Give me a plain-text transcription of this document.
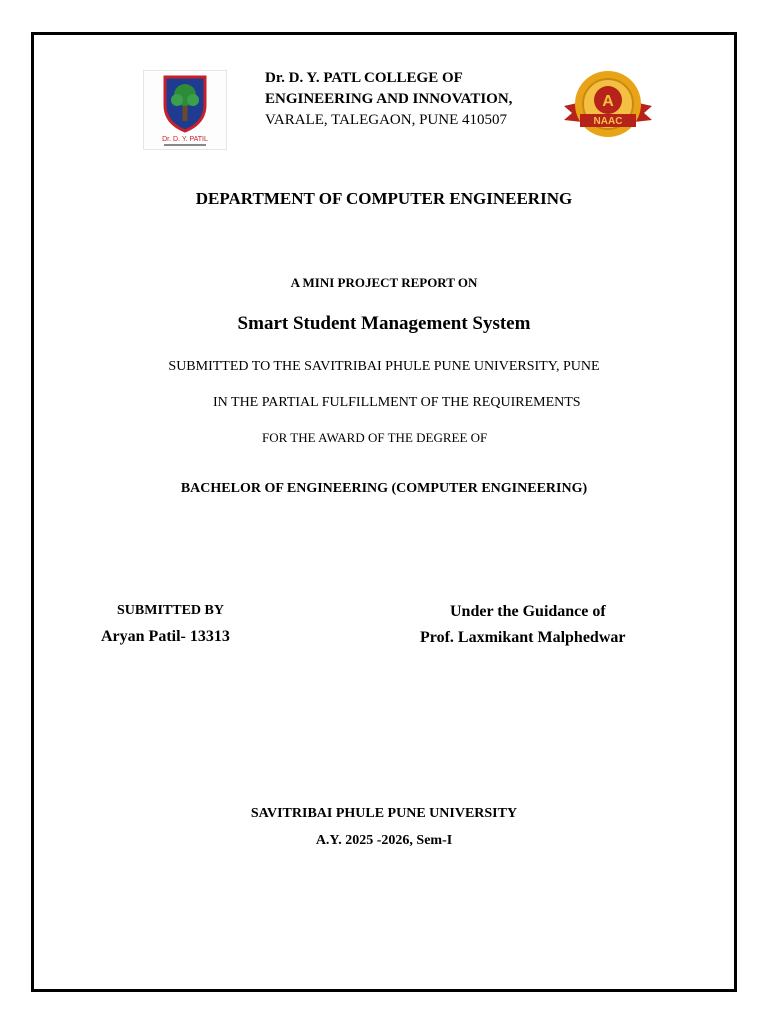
Dr. D. Y. PATIL
Dr. D. Y. PATL COLLEGE OF
ENGINEERING AND INNOVATION,
VARALE, TALEGAON, PUNE 410507
A
NAAC
DEPARTMENT OF COMPUTER ENGINEERING
A MINI PROJECT REPORT ON
Smart Student Management System
SUBMITTED TO THE SAVITRIBAI PHULE PUNE UNIVERSITY, PUNE
IN THE PARTIAL FULFILLMENT OF THE REQUIREMENTS
FOR THE AWARD OF THE DEGREE OF
BACHELOR OF ENGINEERING (COMPUTER ENGINEERING)
SUBMITTED BY
Aryan Patil- 13313
Under the Guidance of
Prof. Laxmikant Malphedwar
SAVITRIBAI PHULE PUNE UNIVERSITY
A.Y. 2025 -2026, Sem-I
